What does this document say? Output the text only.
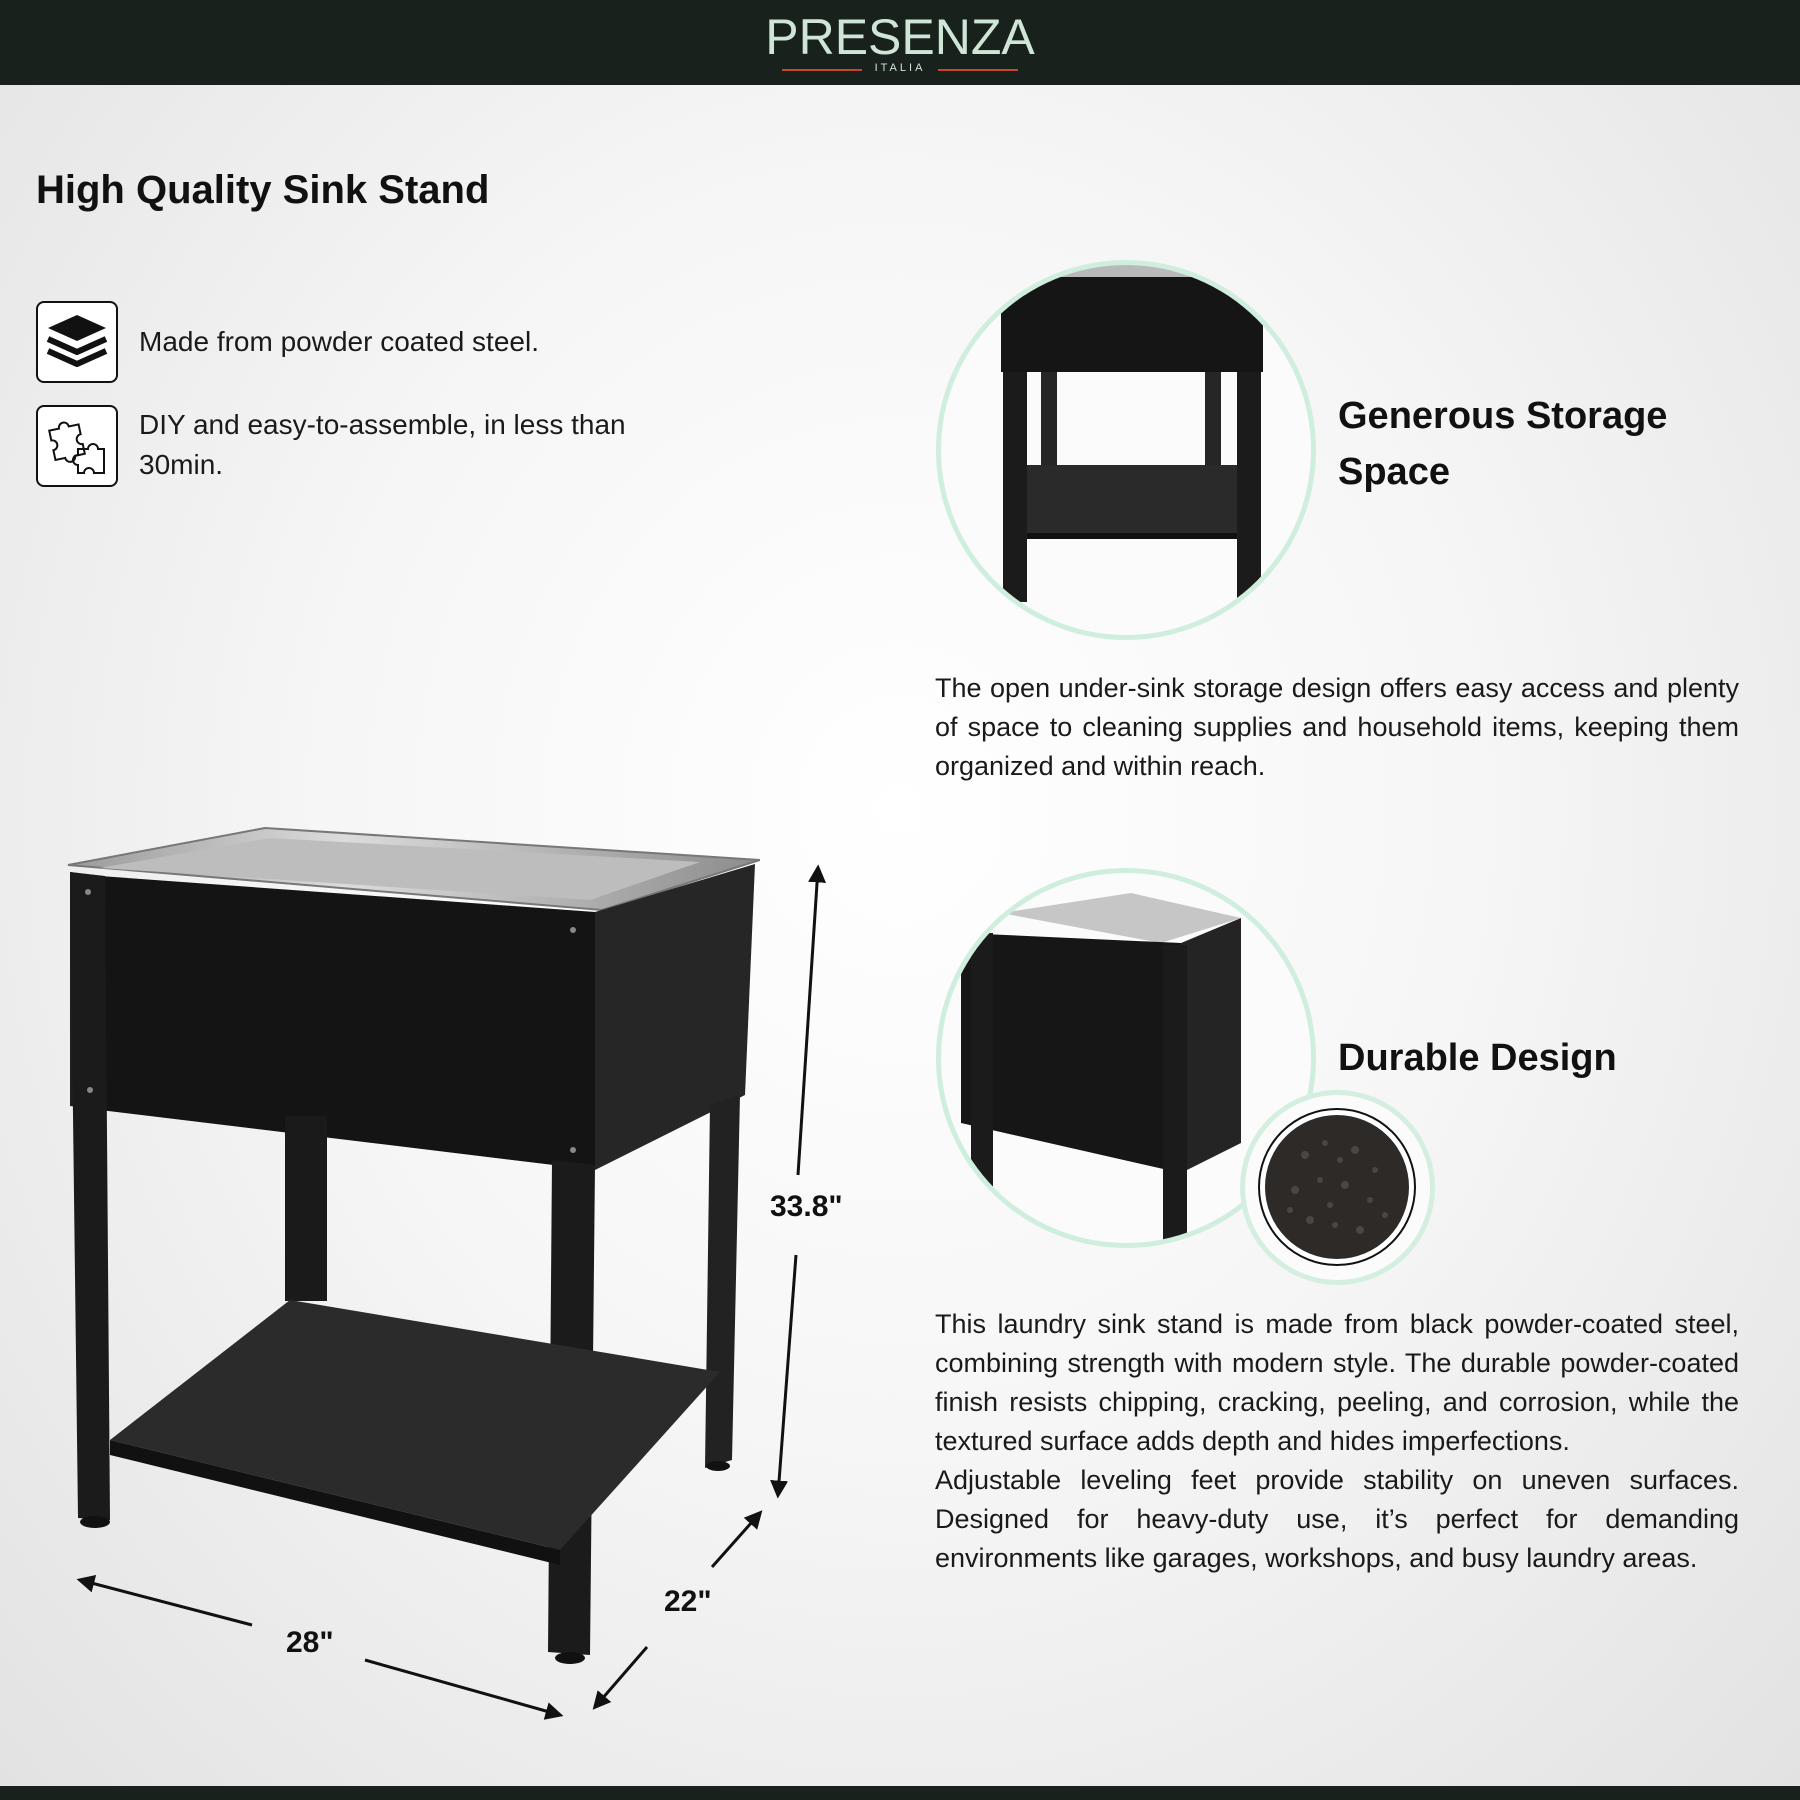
PRESENZA
ITALIA
High Quality Sink Stand
Made from powder coated steel.
DIY and easy-to-assemble, in less than 30min.
33.8"
28"
22"
Generous Storage Space

The open under-sink storage design offers easy access and plenty of space to cleaning supplies and household items, keeping them organized and within reach.

Durable Design

This laundry sink stand is made from black powder-coated steel, combining strength with modern style. The durable powder-coated finish resists chipping, cracking, peeling, and corrosion, while the textured surface adds depth and hides imperfections.

Adjustable leveling feet provide stability on uneven surfaces. Designed for heavy-duty use, it’s perfect for demanding environments like garages, workshops, and busy laundry areas.
